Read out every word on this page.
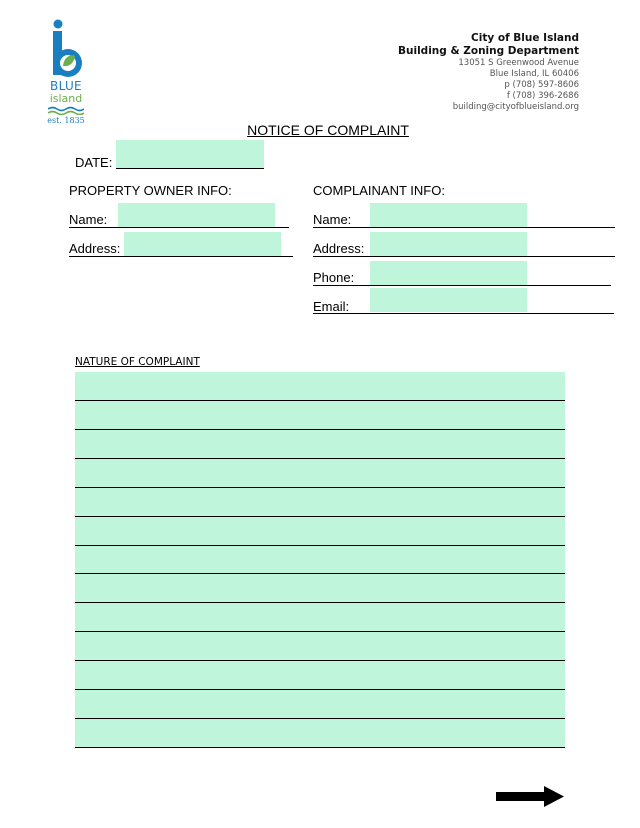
BLUE
island
est. 1835
City of Blue Island
Building & Zoning Department
13051 S Greenwood Avenue
Blue Island, IL 60406
p (708) 597-8606
f (708) 396-2686
building@cityofblueisland.org
NOTICE OF COMPLAINT
DATE:
PROPERTY OWNER INFO:
Name:
Address:
COMPLAINANT INFO:
Name:
Address:
Phone:
Email:
NATURE OF COMPLAINT
